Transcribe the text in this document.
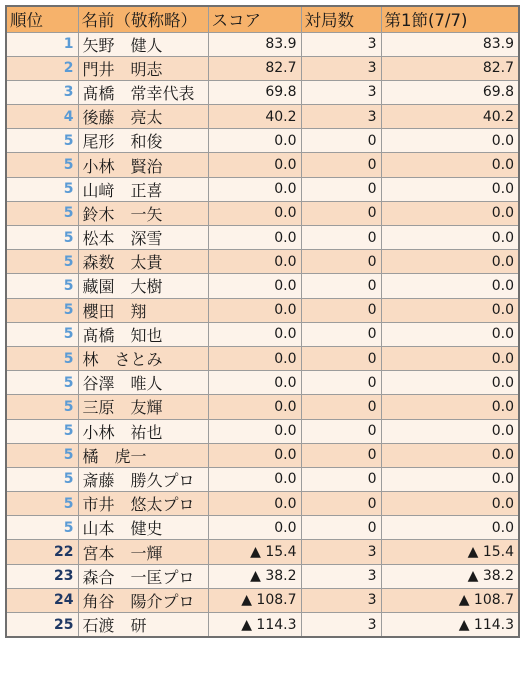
順位	名前（敬称略）	スコア	対局数	第1節(7/7)
1	矢野　健人	83.9	3	83.9
2	門井　明志	82.7	3	82.7
3	髙橋　常幸代表	69.8	3	69.8
4	後藤　亮太	40.2	3	40.2
5	尾形　和俊	0.0	0	0.0
5	小林　賢治	0.0	0	0.0
5	山﨑　正喜	0.0	0	0.0
5	鈴木　一矢	0.0	0	0.0
5	松本　深雪	0.0	0	0.0
5	森数　太貴	0.0	0	0.0
5	藏園　大樹	0.0	0	0.0
5	櫻田　翔	0.0	0	0.0
5	髙橋　知也	0.0	0	0.0
5	林　さとみ	0.0	0	0.0
5	谷澤　唯人	0.0	0	0.0
5	三原　友輝	0.0	0	0.0
5	小林　祐也	0.0	0	0.0
5	橘　虎一	0.0	0	0.0
5	斎藤　勝久プロ	0.0	0	0.0
5	市井　悠太プロ	0.0	0	0.0
5	山本　健史	0.0	0	0.0
22	宮本　一輝	▲ 15.4	3	▲ 15.4
23	森合　一匡プロ	▲ 38.2	3	▲ 38.2
24	角谷　陽介プロ	▲ 108.7	3	▲ 108.7
25	石渡　研	▲ 114.3	3	▲ 114.3
